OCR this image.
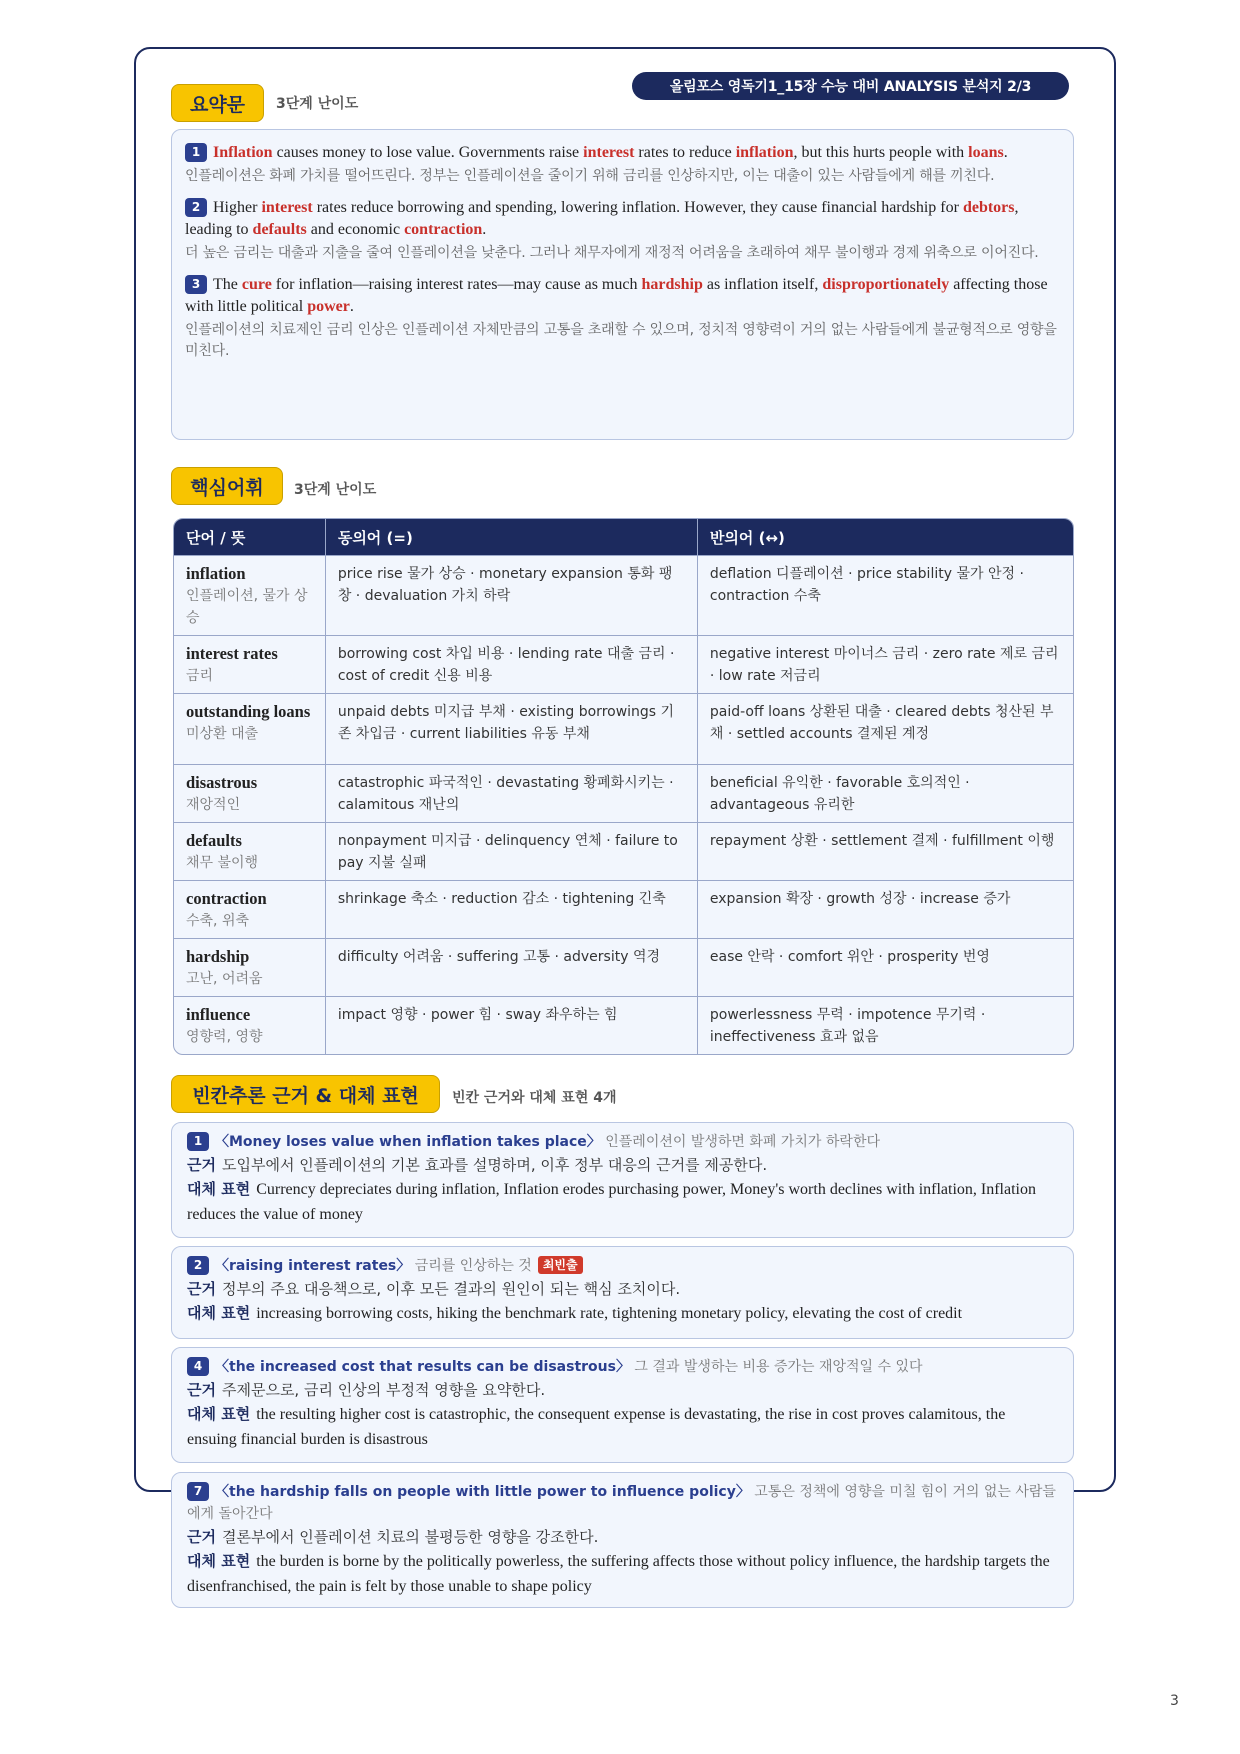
올림포스 영독기1_15장 수능 대비 ANALYSIS 분석지 2/3
요약문	3단계 난이도
1 Inflation causes money to lose value. Governments raise interest rates to reduce inflation, but this hurts people with loans.
인플레이션은 화폐 가치를 떨어뜨린다. 정부는 인플레이션을 줄이기 위해 금리를 인상하지만, 이는 대출이 있는 사람들에게 해를 끼친다.
2 Higher interest rates reduce borrowing and spending, lowering inflation. However, they cause financial hardship for debtors, leading to defaults and economic contraction.
더 높은 금리는 대출과 지출을 줄여 인플레이션을 낮춘다. 그러나 채무자에게 재정적 어려움을 초래하여 채무 불이행과 경제 위축으로 이어진다.
3 The cure for inflation—raising interest rates—may cause as much hardship as inflation itself, disproportionately affecting those with little political power.
인플레이션의 치료제인 금리 인상은 인플레이션 자체만큼의 고통을 초래할 수 있으며, 정치적 영향력이 거의 없는 사람들에게 불균형적으로 영향을 미친다.
핵심어휘	3단계 난이도
단어 / 뜻	동의어 (=)	반의어 (↔)

inflation
인플레이션, 물가 상승	price rise 물가 상승 · monetary expansion 통화 팽창 · devaluation 가치 하락	deflation 디플레이션 · price stability 물가 안정 · contraction 수축

interest rates
금리	borrowing cost 차입 비용 · lending rate 대출 금리 · cost of credit 신용 비용	negative interest 마이너스 금리 · zero rate 제로 금리 · low rate 저금리

outstanding loans
미상환 대출	unpaid debts 미지급 부채 · existing borrowings 기존 차입금 · current liabilities 유동 부채	paid-off loans 상환된 대출 · cleared debts 청산된 부채 · settled accounts 결제된 계정

disastrous
재앙적인	catastrophic 파국적인 · devastating 황폐화시키는 · calamitous 재난의	beneficial 유익한 · favorable 호의적인 · advantageous 유리한

defaults
채무 불이행	nonpayment 미지급 · delinquency 연체 · failure to pay 지불 실패	repayment 상환 · settlement 결제 · fulfillment 이행

contraction
수축, 위축	shrinkage 축소 · reduction 감소 · tightening 긴축	expansion 확장 · growth 성장 · increase 증가

hardship
고난, 어려움	difficulty 어려움 · suffering 고통 · adversity 역경	ease 안락 · comfort 위안 · prosperity 번영

influence
영향력, 영향	impact 영향 · power 힘 · sway 좌우하는 힘	powerlessness 무력 · impotence 무기력 · ineffectiveness 효과 없음
빈칸추론 근거 & 대체 표현	빈칸 근거와 대체 표현 4개
1 〈Money loses value when inflation takes place〉 인플레이션이 발생하면 화폐 가치가 하락한다
근거 도입부에서 인플레이션의 기본 효과를 설명하며, 이후 정부 대응의 근거를 제공한다.
대체 표현 Currency depreciates during inflation, Inflation erodes purchasing power, Money's worth declines with inflation, Inflation reduces the value of money
2 〈raising interest rates〉 금리를 인상하는 것 최빈출
근거 정부의 주요 대응책으로, 이후 모든 결과의 원인이 되는 핵심 조치이다.
대체 표현 increasing borrowing costs, hiking the benchmark rate, tightening monetary policy, elevating the cost of credit
4 〈the increased cost that results can be disastrous〉 그 결과 발생하는 비용 증가는 재앙적일 수 있다
근거 주제문으로, 금리 인상의 부정적 영향을 요약한다.
대체 표현 the resulting higher cost is catastrophic, the consequent expense is devastating, the rise in cost proves calamitous, the ensuing financial burden is disastrous
7 〈the hardship falls on people with little power to influence policy〉 고통은 정책에 영향을 미칠 힘이 거의 없는 사람들에게 돌아간다
근거 결론부에서 인플레이션 치료의 불평등한 영향을 강조한다.
대체 표현 the burden is borne by the politically powerless, the suffering affects those without policy influence, the hardship targets the disenfranchised, the pain is felt by those unable to shape policy
3
